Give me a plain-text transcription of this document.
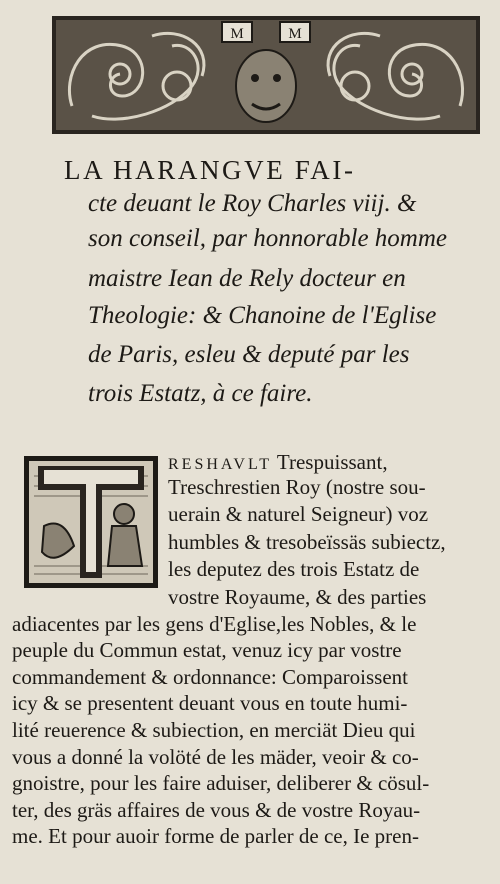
M	M
LA HARANGVE FAI-
cte deuant le Roy Charles viij. &
son conseil, par honnorable homme
maistre Iean de Rely docteur en
Theologie: & Chanoine de l'Eglise
de Paris, esleu & deputé par les
trois Estatz, à ce faire.
RESHAVLT Trespuissant,
Treschrestien Roy (nostre sou-
uerain & naturel Seigneur) voz
humbles & tresobeïssäs subiectz,
les deputez des trois Estatz de
vostre Royaume, & des parties
adiacentes par les gens d'Eglise,les Nobles, & le
peuple du Commun estat, venuz icy par vostre
commandement & ordonnance: Comparoissent
icy & se presentent deuant vous en toute humi-
lité reuerence & subiection, en merciät Dieu qui
vous a donné la volöté de les mäder, veoir & co-
gnoistre, pour les faire aduiser, deliberer & cösul-
ter, des gräs affaires de vous & de vostre Royau-
me. Et pour auoir forme de parler de ce, Ie pren-
